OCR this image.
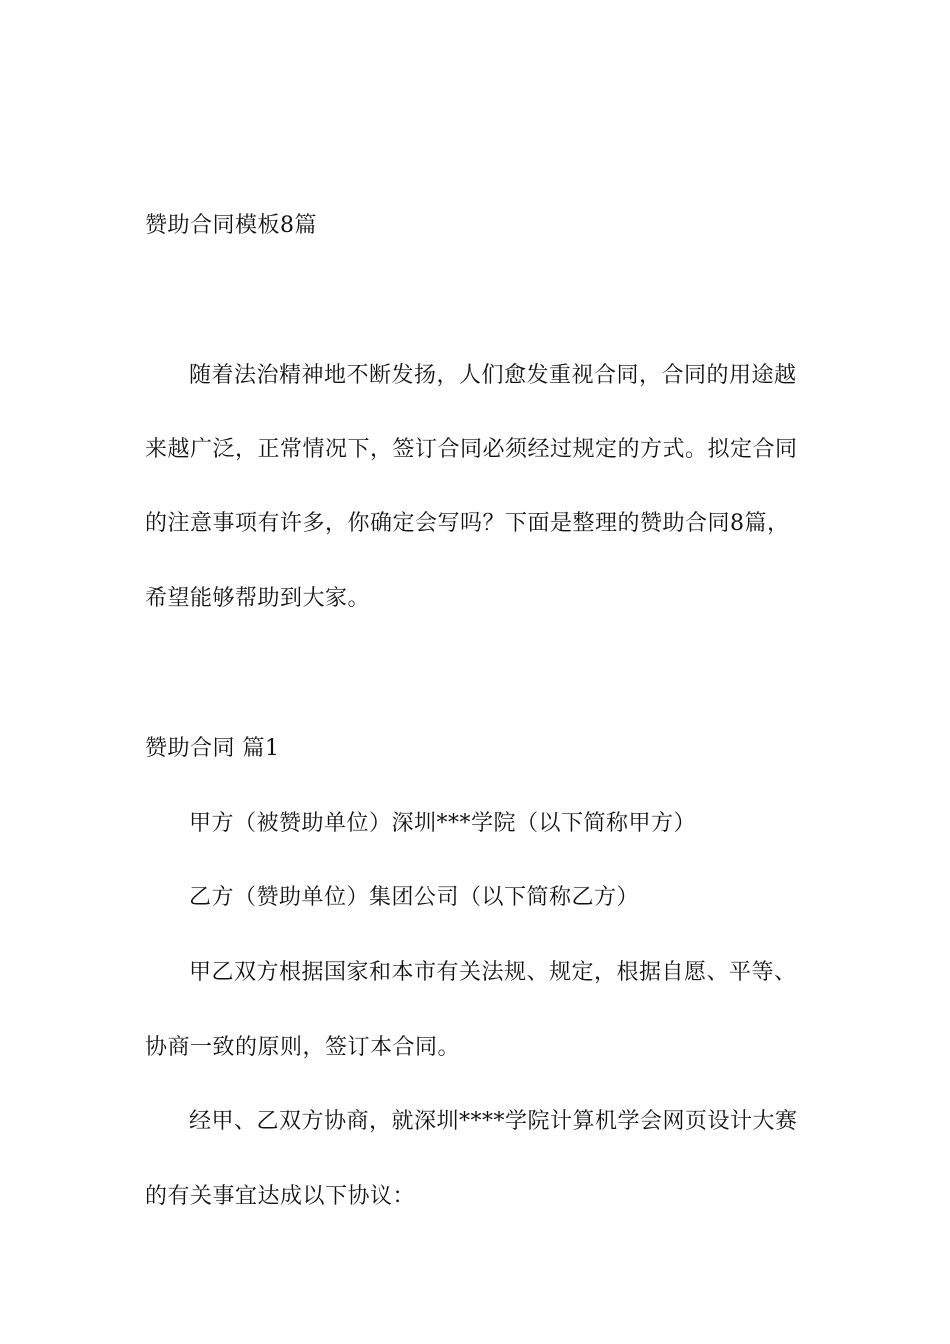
赞助合同模板8篇
随着法治精神地不断发扬，人们愈发重视合同，合同的用途越
来越广泛，正常情况下，签订合同必须经过规定的方式。拟定合同
的注意事项有许多，你确定会写吗？下面是整理的赞助合同8篇，
希望能够帮助到大家。
赞助合同 篇1
甲方（被赞助单位）深圳***学院（以下简称甲方）
乙方（赞助单位）集团公司（以下简称乙方）
甲乙双方根据国家和本市有关法规、规定，根据自愿、平等、
协商一致的原则，签订本合同。
经甲、乙双方协商，就深圳****学院计算机学会网页设计大赛
的有关事宜达成以下协议：
